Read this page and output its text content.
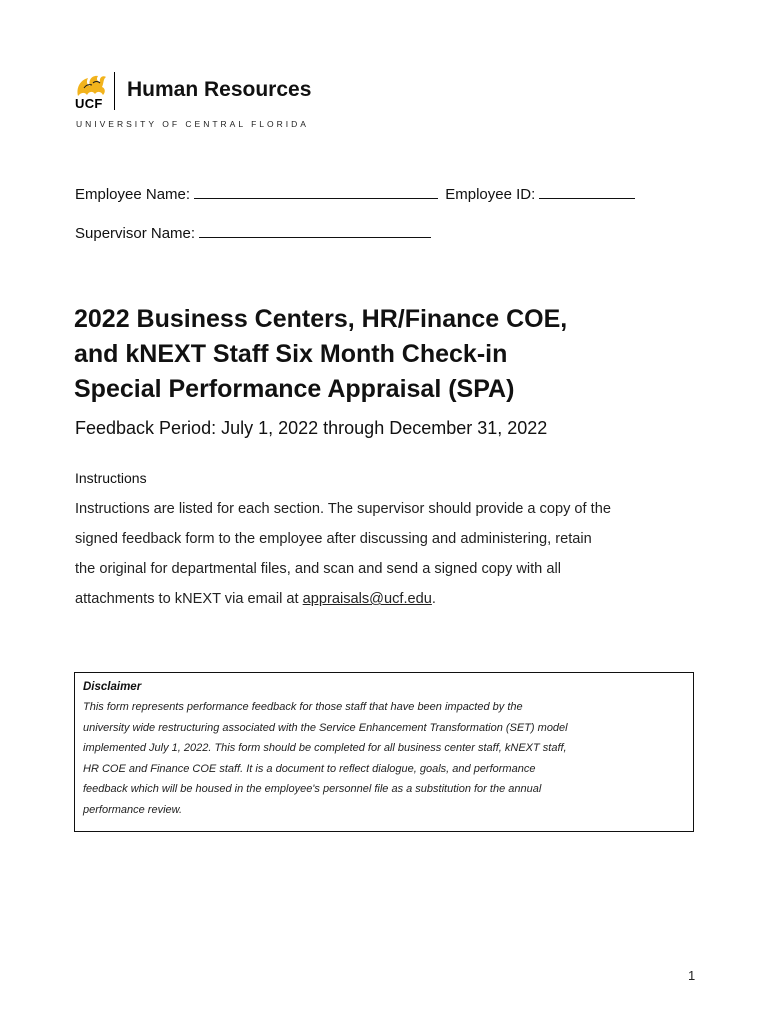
UCF
Human Resources
UNIVERSITY OF CENTRAL FLORIDA
Employee Name:	Employee ID:
Supervisor Name:
2022 Business Centers, HR/Finance COE,
and kNEXT Staff Six Month Check-in
Special Performance Appraisal (SPA)
Feedback Period: July 1, 2022 through December 31, 2022
Instructions

Instructions are listed for each section. The supervisor should provide a copy of the
signed feedback form to the employee after discussing and administering, retain
the original for departmental files, and scan and send a signed copy with all
attachments to kNEXT via email at appraisals@ucf.edu.

Disclaimer

This form represents performance feedback for those staff that have been impacted by the
university wide restructuring associated with the Service Enhancement Transformation (SET) model
implemented July 1, 2022. This form should be completed for all business center staff, kNEXT staff,
HR COE and Finance COE staff. It is a document to reflect dialogue, goals, and performance
feedback which will be housed in the employee's personnel file as a substitution for the annual
performance review.

1
